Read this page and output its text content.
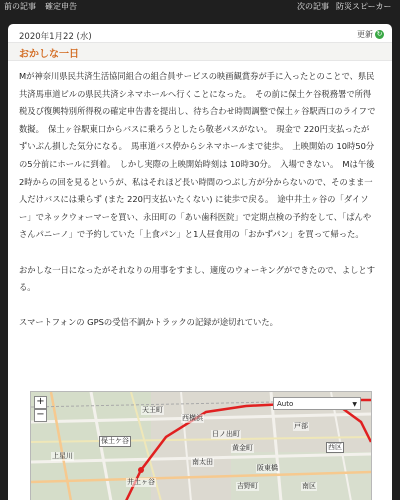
前の記事 確定申告	次の記事 防災スピーカー
2020年1月22 (水)	更新 ↻
おかしな一日

Mが神奈川県民共済生活協同組合の組合員サービスの映画観賞券が手に入ったとのことで、県民共済馬車道ビルの県民共済シネマホールへ行くことになった。　その前に保土ケ谷税務署で所得税及び復興特別所得税の確定申告書を提出し、待ち合わせ時間調整で保土ヶ谷駅西口のライフで数擬。　保土ヶ谷駅東口からバスに乗ろうとしたら敬老パスがない。　現金で 220円支払ったがずいぶん損した気分になる。　馬車道バス停からシネマホールまで徒歩。　上映開始の 10時50分の5分前にホールに到着。　しかし実際の上映開始時刻は 10時30分。　入場できない。　Mは午後2時からの回を見るというが、私はそれほど長い時間のつぶし方が分からないので、そのまま一人だけバスには乗らず (また 220円支払いたくない) に徒歩で戻る。　途中井土ヶ谷の「ダイソー」でネックウォーマーを買い、永田町の「あい歯科医院」で定期点検の予約をして、「ぱんやさんパニーノ」で予約していた「上食パン」と1人昼食用の「おかずパン」を買って帰った。

おかしな一日になったがそれなりの用事をすまし、適度のウォーキングができたので、よしとする。

スマートフォンの GPSの受信不調かトラックの記録が途切れていた。

+
−
Auto	▼
天王町
西横浜
保土ケ谷
日ノ出町
黄金町
南太田
井土ヶ谷
阪東橋
吉野町
戸部
上星川
西区
南区
